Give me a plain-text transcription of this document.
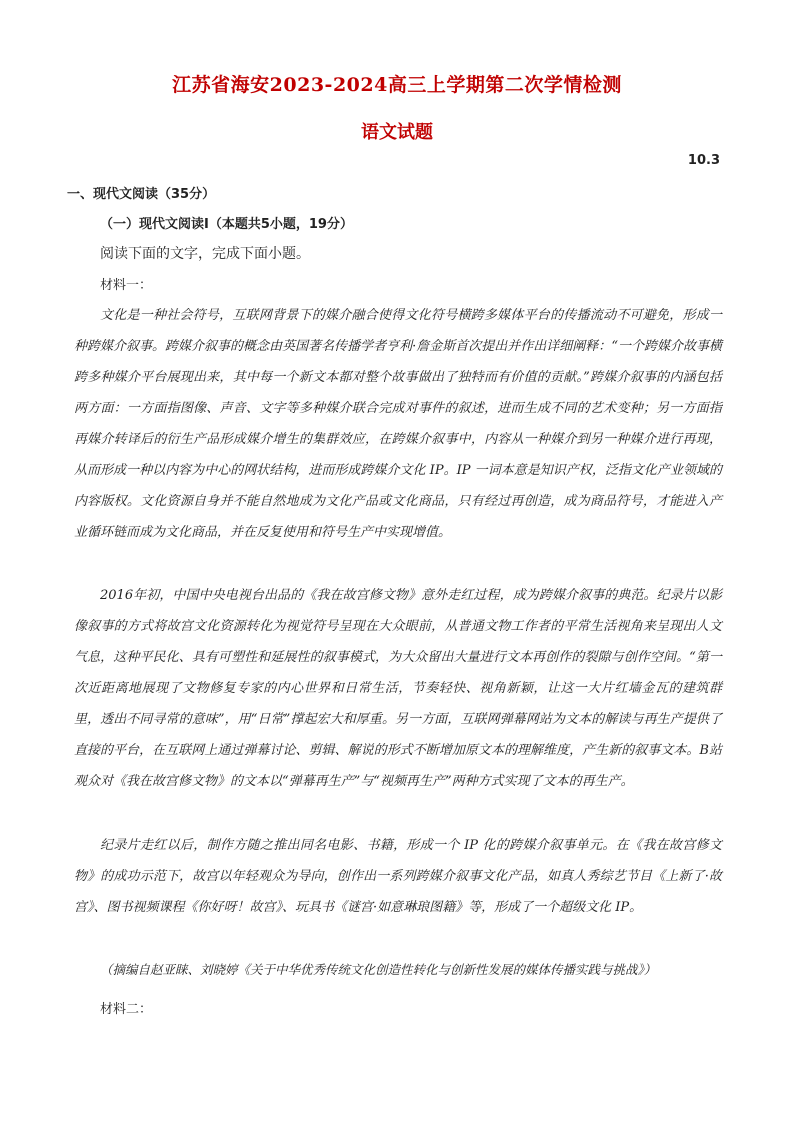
江苏省海安2023-2024高三上学期第二次学情检测
语文试题
10.3
一、现代文阅读（35分）
（一）现代文阅读Ⅰ（本题共5小题，19分）
阅读下面的文字，完成下面小题。
材料一：
文化是一种社会符号，互联网背景下的媒介融合使得文化符号横跨多媒体平台的传播流动不可避免，形成一种跨媒介叙事。跨媒介叙事的概念由英国著名传播学者亨利·詹金斯首次提出并作出详细阐释：“一个跨媒介故事横跨多种媒介平台展现出来，其中每一个新文本都对整个故事做出了独特而有价值的贡献。”跨媒介叙事的内涵包括两方面：一方面指图像、声音、文字等多种媒介联合完成对事件的叙述，进而生成不同的艺术变种；另一方面指再媒介转译后的衍生产品形成媒介增生的集群效应，在跨媒介叙事中，内容从一种媒介到另一种媒介进行再现，从而形成一种以内容为中心的网状结构，进而形成跨媒介文化 IP。IP 一词本意是知识产权，泛指文化产业领域的内容版权。文化资源自身并不能自然地成为文化产品或文化商品，只有经过再创造，成为商品符号，才能进入产业循环链而成为文化商品，并在反复使用和符号生产中实现增值。
2016年初，中国中央电视台出品的《我在故宫修文物》意外走红过程，成为跨媒介叙事的典范。纪录片以影像叙事的方式将故宫文化资源转化为视觉符号呈现在大众眼前，从普通文物工作者的平常生活视角来呈现出人文气息，这种平民化、具有可塑性和延展性的叙事模式，为大众留出大量进行文本再创作的裂隙与创作空间。“第一次近距离地展现了文物修复专家的内心世界和日常生活，节奏轻快、视角新颖，让这一大片红墙金瓦的建筑群里，透出不同寻常的意味”，用“日常”撑起宏大和厚重。另一方面，互联网弹幕网站为文本的解读与再生产提供了直接的平台，在互联网上通过弹幕讨论、剪辑、解说的形式不断增加原文本的理解维度，产生新的叙事文本。B站观众对《我在故宫修文物》的文本以“弹幕再生产”与“视频再生产”两种方式实现了文本的再生产。
纪录片走红以后，制作方随之推出同名电影、书籍，形成一个 IP 化的跨媒介叙事单元。在《我在故宫修文物》的成功示范下，故宫以年轻观众为导向，创作出一系列跨媒介叙事文化产品，如真人秀综艺节目《上新了·故宫》、图书视频课程《你好呀！故宫》、玩具书《谜宫·如意琳琅图籍》等，形成了一个超级文化 IP。
（摘编自赵亚睐、刘晓婷《关于中华优秀传统文化创造性转化与创新性发展的媒体传播实践与挑战》）
材料二：
